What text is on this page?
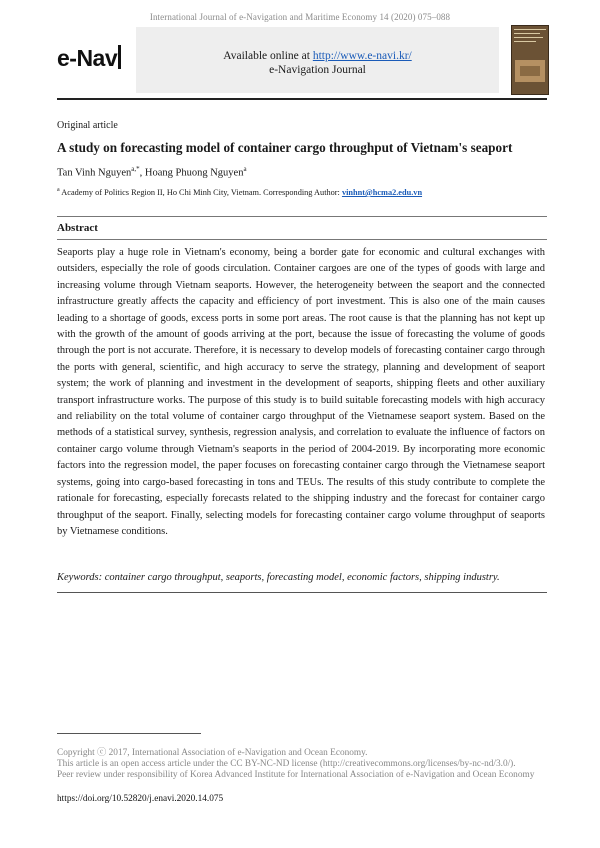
International Journal of e-Navigation and Maritime Economy 14 (2020) 075–088
e-Nav	Available online at http://www.e-navi.kr/
e-Navigation Journal
Original article
A study on forecasting model of container cargo throughput of Vietnam's seaport
Tan Vinh Nguyen$^{a,*}$, Hoang Phuong Nguyen$^a$
$^a$ Academy of Politics Region II, Ho Chi Minh City, Vietnam. Corresponding Author: vinhnt@hcma2.edu.vn
Abstract

Seaports play a huge role in Vietnam's economy, being a border gate for economic and cultural exchanges with outsiders, especially the role of goods circulation. Container cargoes are one of the types of goods with large and increasing volume through Vietnam seaports. However, the heterogeneity between the seaport and the connected infrastructure greatly affects the capacity and efficiency of port investment. This is also one of the main causes leading to a shortage of goods, excess ports in some port areas. The root cause is that the planning has not kept up with the growth of the amount of goods arriving at the port, because the issue of forecasting the volume of goods through the port is not accurate. Therefore, it is necessary to develop models of forecasting container cargo through the ports with general, scientific, and high accuracy to serve the strategy, planning and development of seaport system; the work of planning and investment in the development of seaports, shipping fleets and other auxiliary transport infrastructure works. The purpose of this study is to build suitable forecasting models with high accuracy and reliability on the total volume of container cargo throughput of the Vietnamese seaport system. Based on the methods of a statistical survey, synthesis, regression analysis, and correlation to evaluate the influence of factors on container cargo volume through Vietnam's seaports in the period of 2004-2019. By incorporating more economic factors into the regression model, the paper focuses on forecasting container cargo through the Vietnamese seaport systems, going into cargo-based forecasting in tons and TEUs. The results of this study contribute to complete the rationale for forecasting, especially forecasts related to the shipping industry and the forecast for container cargo throughput of the seaport. Finally, selecting models for forecasting container cargo volume throughput of seaports by Vietnamese conditions.

Keywords: container cargo throughput, seaports, forecasting model, economic factors, shipping industry.
Copyright ⓒ 2017, International Association of e-Navigation and Ocean Economy.
This article is an open access article under the CC BY-NC-ND license (http://creativecommons.org/licenses/by-nc-nd/3.0/).
Peer review under responsibility of Korea Advanced Institute for International Association of e-Navigation and Ocean Economy
https://doi.org/10.52820/j.enavi.2020.14.075
